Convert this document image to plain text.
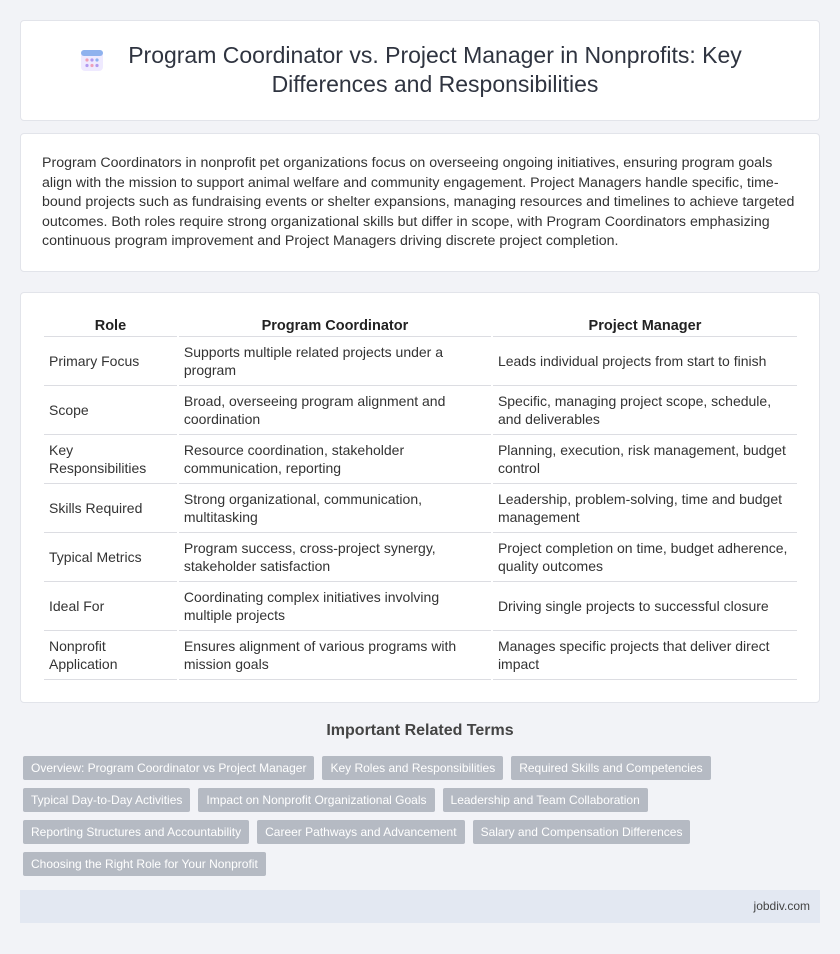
Program Coordinator vs. Project Manager in Nonprofits: Key Differences and Responsibilities

Program Coordinators in nonprofit pet organizations focus on overseeing ongoing initiatives, ensuring program goals align with the mission to support animal welfare and community engagement. Project Managers handle specific, time-bound projects such as fundraising events or shelter expansions, managing resources and timelines to achieve targeted outcomes. Both roles require strong organizational skills but differ in scope, with Program Coordinators emphasizing continuous program improvement and Project Managers driving discrete project completion.

Role	Program Coordinator	Project Manager
Primary Focus	Supports multiple related projects under a program	Leads individual projects from start to finish
Scope	Broad, overseeing program alignment and coordination	Specific, managing project scope, schedule, and deliverables
Key Responsibilities	Resource coordination, stakeholder communication, reporting	Planning, execution, risk management, budget control
Skills Required	Strong organizational, communication, multitasking	Leadership, problem-solving, time and budget management
Typical Metrics	Program success, cross-project synergy, stakeholder satisfaction	Project completion on time, budget adherence, quality outcomes
Ideal For	Coordinating complex initiatives involving multiple projects	Driving single projects to successful closure
Nonprofit Application	Ensures alignment of various programs with mission goals	Manages specific projects that deliver direct impact
Important Related Terms
Overview: Program Coordinator vs Project Manager	Key Roles and Responsibilities	Required Skills and Competencies
Typical Day-to-Day Activities	Impact on Nonprofit Organizational Goals	Leadership and Team Collaboration
Reporting Structures and Accountability	Career Pathways and Advancement	Salary and Compensation Differences
Choosing the Right Role for Your Nonprofit
jobdiv.com
